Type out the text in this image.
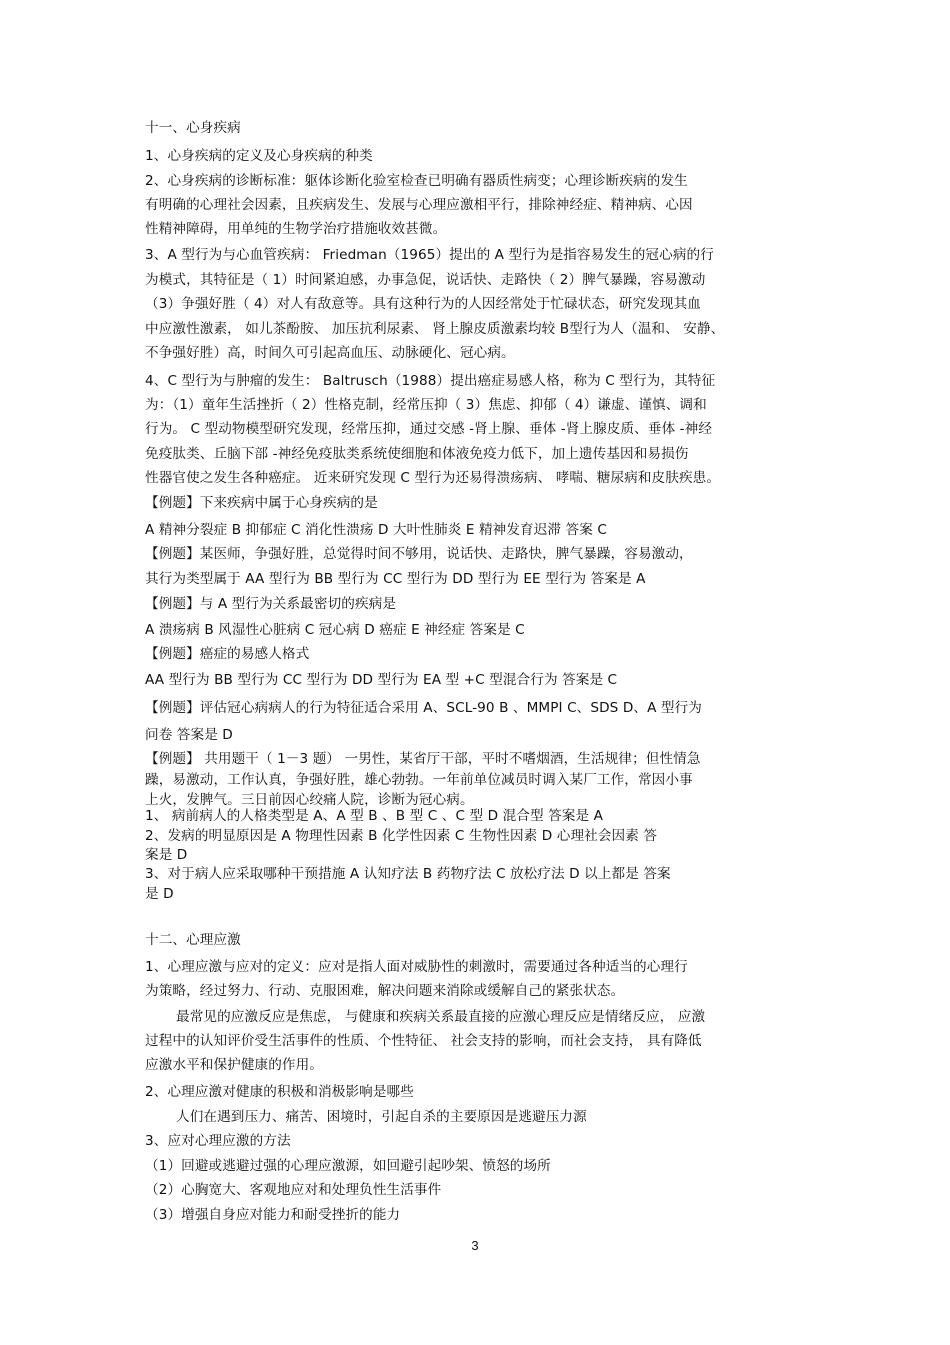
十一、心身疾病
1、心身疾病的定义及心身疾病的种类
2、心身疾病的诊断标准：躯体诊断化验室检查已明确有器质性病变；心理诊断疾病的发生
有明确的心理社会因素，且疾病发生、发展与心理应激相平行，排除神经症、精神病、心因
性精神障碍，用单纯的生物学治疗措施收效甚微。
3、A 型行为与心血管疾病： Friedman（1965）提出的 A 型行为是指容易发生的冠心病的行
为模式，其特征是（ 1）时间紧迫感，办事急促，说话快、走路快（ 2）脾气暴躁，容易激动
（3）争强好胜（ 4）对人有敌意等。具有这种行为的人因经常处于忙碌状态，研究发现其血
中应激性激素， 如儿茶酚胺、 加压抗利尿素、 肾上腺皮质激素均较 B型行为人（温和、 安静、
不争强好胜）高，时间久可引起高血压、动脉硬化、冠心病。
4、C 型行为与肿瘤的发生： Baltrusch（1988）提出癌症易感人格，称为 C 型行为，其特征
为：（1）童年生活挫折（ 2）性格克制，经常压抑（ 3）焦虑、抑郁（ 4）谦虚、谨慎、调和
行为。 C 型动物模型研究发现，经常压抑，通过交感 -肾上腺、垂体 -肾上腺皮质、垂体 -神经
免疫肽类、丘脑下部 -神经免疫肽类系统使细胞和体液免疫力低下，加上遗传基因和易损伤
性器官使之发生各种癌症。 近来研究发现 C 型行为还易得溃疡病、 哮喘、糖尿病和皮肤疾患。
【例题】下来疾病中属于心身疾病的是
A 精神分裂症 B 抑郁症 C 消化性溃疡 D 大叶性肺炎 E 精神发育迟滞 答案 C
【例题】某医师，争强好胜，总觉得时间不够用，说话快、走路快，脾气暴躁，容易激动，
其行为类型属于 AA 型行为 BB 型行为 CC 型行为 DD 型行为 EE 型行为 答案是 A
【例题】与 A 型行为关系最密切的疾病是
A 溃疡病 B 风湿性心脏病 C 冠心病 D 癌症 E 神经症 答案是 C
【例题】癌症的易感人格式
AA 型行为 BB 型行为 CC 型行为 DD 型行为 EA 型 +C 型混合行为 答案是 C
【例题】评估冠心病病人的行为特征适合采用 A、SCL-90 B 、MMPI C、SDS D、A 型行为
问卷 答案是 D
【例题】 共用题干（ 1－3 题） 一男性，某省厅干部，平时不嗜烟酒，生活规律；但性情急
躁，易激动，工作认真，争强好胜，雄心勃勃。一年前单位减员时调入某厂工作，常因小事
上火，发脾气。三日前因心绞痛人院，诊断为冠心病。
1、 病前病人的人格类型是 A、A 型 B 、B 型 C 、C 型 D 混合型 答案是 A
2、发病的明显原因是 A 物理性因素 B 化学性因素 C 生物性因素 D 心理社会因素 答
案是 D
3、对于病人应采取哪种干预措施 A 认知疗法 B 药物疗法 C 放松疗法 D 以上都是 答案
是 D
十二、心理应激
1、心理应激与应对的定义：应对是指人面对威胁性的刺激时，需要通过各种适当的心理行
为策略，经过努力、行动、克服困难，解决问题来消除或缓解自己的紧张状态。
最常见的应激反应是焦虑， 与健康和疾病关系最直接的应激心理反应是情绪反应， 应激
过程中的认知评价受生活事件的性质、个性特征、 社会支持的影响，而社会支持， 具有降低
应激水平和保护健康的作用。
2、心理应激对健康的积极和消极影响是哪些
人们在遇到压力、痛苦、困境时，引起自杀的主要原因是逃避压力源
3、应对心理应激的方法
（1）回避或逃避过强的心理应激源，如回避引起吵架、愤怒的场所
（2）心胸宽大、客观地应对和处理负性生活事件
（3）增强自身应对能力和耐受挫折的能力
3
